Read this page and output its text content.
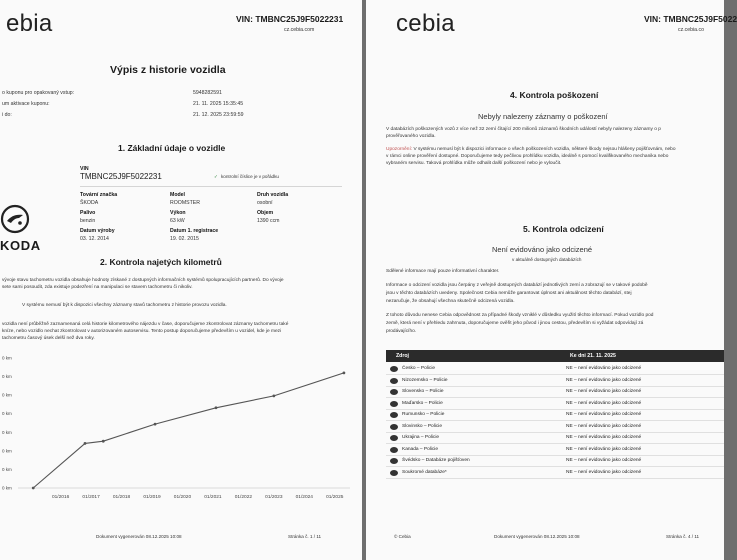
ebia	VIN: TMBNC25J9F5022231
cz.cebia.com
Výpis z historie vozidla
o kuponu pro opakovaný vstup:	5948282591
um aktivace kuponu:	21. 11. 2025 15:35:45
i do:	21. 12. 2025 23:59:59
1. Základní údaje o vozidle
VIN
TMBNC25J9F5022231	✓ kontrolní číslice je v pořádku
KODA
Tovární značka
ŠKODA
Model
ROOMSTER
Druh vozidla
osobní
Palivo
benzin
Výkon
63 kW
Objem
1390 ccm
Datum výroby
03. 12. 2014
Datum 1. registrace
19. 02. 2015
2. Kontrola najetých kilometrů
vývoje stavu tachometru vozidla obsahuje hodnoty získané z dostupných informačních systémů spolupracujících partnerů. Do vývoje
sete sami posoudit, zda existuje podezření na manipulaci se stavem tachometru či nikoliv.
V systému nemusí být k dispozici všechny záznamy stavů tachometru z historie provozu vozidla.
vozidla není průběžně zaznamenaná celá historie kilometrového nájezdu v čase, doporučujeme zkontrolovat záznamy tachometru také
kníze, nebo vozidlo nechat zkontrolovat v autorizovaném autoservisu. Tento postup doporučujeme především u vozidel, kde je mezi
tachometru časový úsek delší než dva roky.
0 km
0 km
0 km
0 km
0 km
0 km
0 km
0 km
01/2016	01/2017	01/2018	01/2019	01/2020	01/2021	01/2022	01/2023	01/2024	01/2025
Dokument vygenerován 08.12.2025 10:08	Stránka č. 1 / 11
cebia	VIN: TMBNC25J9F5022
cz.cebia.co
4. Kontrola poškození
Nebyly nalezeny záznamy o poškození
V databázích poškozených vozů z více než 32 zemí čítající 200 milionů záznamů škodních událostí nebyly nalezeny záznamy o p
prověřovaného vozidla.
Upozornění: V systému nemusí být k dispozici informace o všech poškozeních vozidla, některé škody nejsou hlášeny pojišťovnám, nebo
v rámci online prověření dostupné. Doporučujeme tedy pečlivou prohlídku vozidla, ideálně s pomocí kvalifikovaného mechanika nebo
vybraném servisu. Taková prohlídka může odhalit další poškození nebo je vyloučit.
5. Kontrola odcizení
Není evidováno jako odcizené
v aktuálně dostupných databázích
Sdělené informace mají pouze informativní charakter.
Informace o odcizení vozidla jsou čerpány z veřejně dostupných databází jednotlivých zemí a zobrazují se v takové podobě
jsou v těchto databázích uvedeny. Společnost Cebia nemůže garantovat úplnost ani aktuálnost těchto databází, stej
nezaručuje, že obsahují všechna skutečně odcizená vozidla.
Z tohoto důvodu nenese Cebia odpovědnost za případné škody vzniklé v důsledku využití těchto informací. Pokud vozidlo pod
země, která není v přehledu zahrnuta, doporučujeme ověřit jeho původ i jinou cestou, především si vyžádat odpovídají zá
prodávajícího.
Zdroj	Ke dni 21. 11. 2025
Česko – Policie	NE – není evidováno jako odcizené
Nizozemsko – Policie	NE – není evidováno jako odcizené
Slovensko – Policie	NE – není evidováno jako odcizené
Maďarsko – Policie	NE – není evidováno jako odcizené
Rumunsko – Policie	NE – není evidováno jako odcizené
Slovinsko – Policie	NE – není evidováno jako odcizené
Ukrajina – Policie	NE – není evidováno jako odcizené
Kanada – Policie	NE – není evidováno jako odcizené
Švédsko – Databáze pojišťoven	NE – není evidováno jako odcizené
Soukromé databáze*	NE – není evidováno jako odcizené
© Cebia	Dokument vygenerován 08.12.2025 10:08	Stránka č. 4 / 11
